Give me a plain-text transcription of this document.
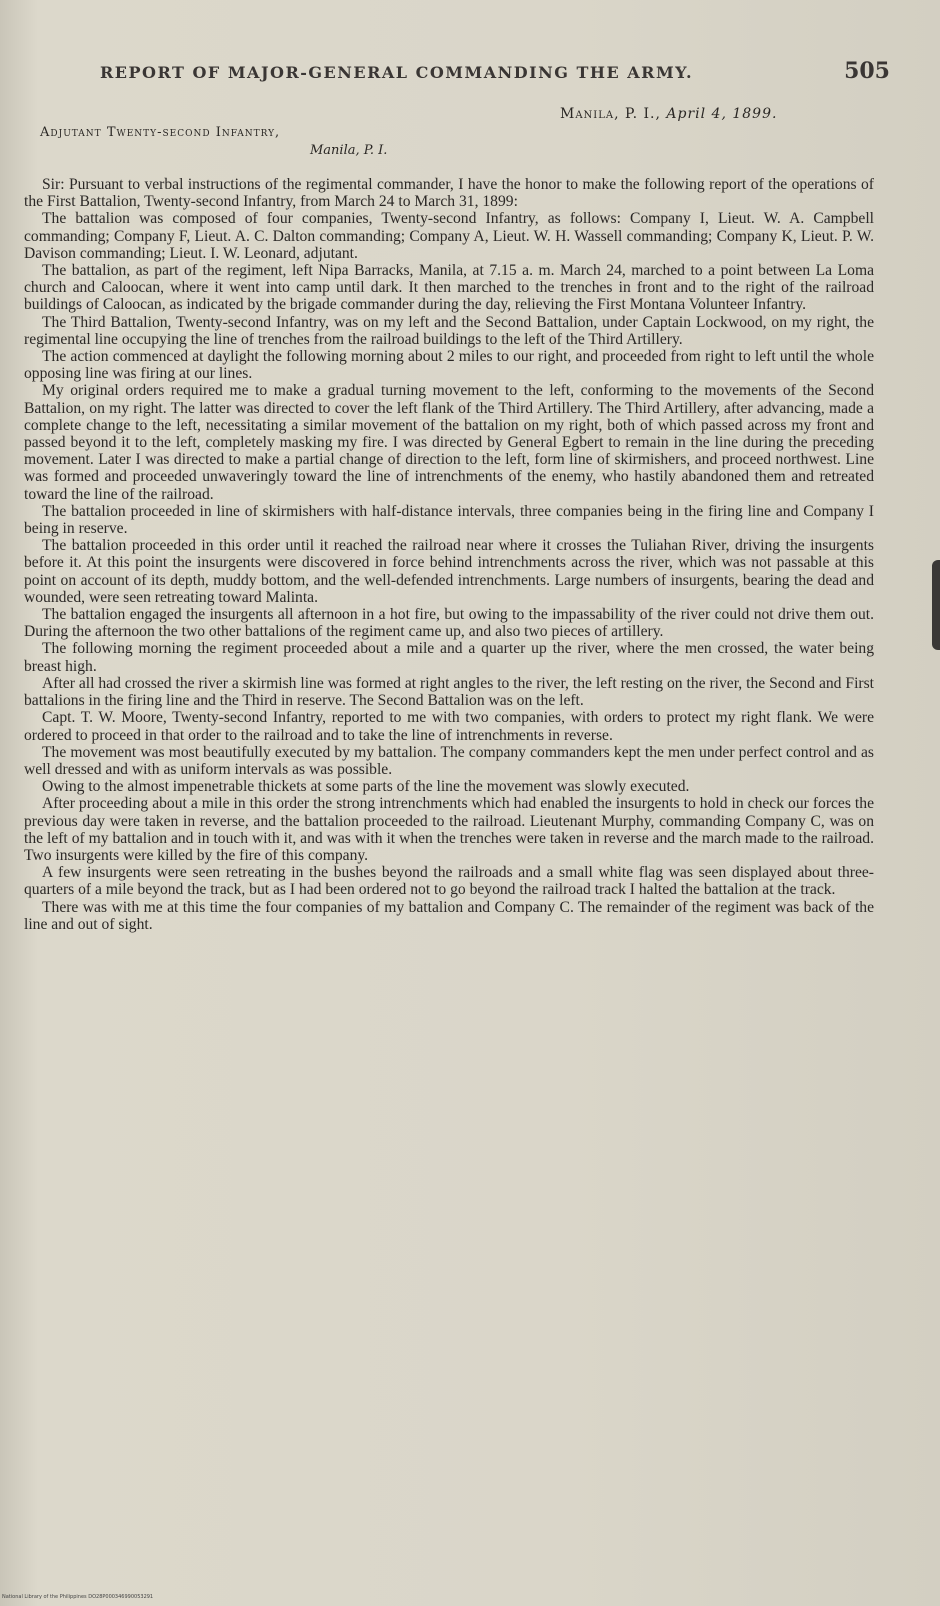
REPORT OF MAJOR-GENERAL COMMANDING THE ARMY.	505
Manila, P. I., April 4, 1899.
Adjutant Twenty-second Infantry,
Manila, P. I.

Sir: Pursuant to verbal instructions of the regimental commander, I have the honor to make the following report of the operations of the First Battalion, Twenty-second Infantry, from March 24 to March 31, 1899:

The battalion was composed of four companies, Twenty-second Infantry, as follows: Company I, Lieut. W. A. Campbell commanding; Company F, Lieut. A. C. Dalton commanding; Company A, Lieut. W. H. Wassell commanding; Company K, Lieut. P. W. Davison commanding; Lieut. I. W. Leonard, adjutant.

The battalion, as part of the regiment, left Nipa Barracks, Manila, at 7.15 a. m. March 24, marched to a point between La Loma church and Caloocan, where it went into camp until dark. It then marched to the trenches in front and to the right of the railroad buildings of Caloocan, as indicated by the brigade commander during the day, relieving the First Montana Volunteer Infantry.

The Third Battalion, Twenty-second Infantry, was on my left and the Second Battalion, under Captain Lockwood, on my right, the regimental line occupying the line of trenches from the railroad buildings to the left of the Third Artillery.

The action commenced at daylight the following morning about 2 miles to our right, and proceeded from right to left until the whole opposing line was firing at our lines.

My original orders required me to make a gradual turning movement to the left, conforming to the movements of the Second Battalion, on my right. The latter was directed to cover the left flank of the Third Artillery. The Third Artillery, after advancing, made a complete change to the left, necessitating a similar movement of the battalion on my right, both of which passed across my front and passed beyond it to the left, completely masking my fire. I was directed by General Egbert to remain in the line during the preceding movement. Later I was directed to make a partial change of direction to the left, form line of skirmishers, and proceed northwest. Line was formed and proceeded unwaveringly toward the line of intrenchments of the enemy, who hastily abandoned them and retreated toward the line of the railroad.

The battalion proceeded in line of skirmishers with half-distance intervals, three companies being in the firing line and Company I being in reserve.

The battalion proceeded in this order until it reached the railroad near where it crosses the Tuliahan River, driving the insurgents before it. At this point the insurgents were discovered in force behind intrenchments across the river, which was not passable at this point on account of its depth, muddy bottom, and the well-defended intrenchments. Large numbers of insurgents, bearing the dead and wounded, were seen retreating toward Malinta.

The battalion engaged the insurgents all afternoon in a hot fire, but owing to the impassability of the river could not drive them out. During the afternoon the two other battalions of the regiment came up, and also two pieces of artillery.

The following morning the regiment proceeded about a mile and a quarter up the river, where the men crossed, the water being breast high.

After all had crossed the river a skirmish line was formed at right angles to the river, the left resting on the river, the Second and First battalions in the firing line and the Third in reserve. The Second Battalion was on the left.

Capt. T. W. Moore, Twenty-second Infantry, reported to me with two companies, with orders to protect my right flank. We were ordered to proceed in that order to the railroad and to take the line of intrenchments in reverse.

The movement was most beautifully executed by my battalion. The company commanders kept the men under perfect control and as well dressed and with as uniform intervals as was possible.

Owing to the almost impenetrable thickets at some parts of the line the movement was slowly executed.

After proceeding about a mile in this order the strong intrenchments which had enabled the insurgents to hold in check our forces the previous day were taken in reverse, and the battalion proceeded to the railroad. Lieutenant Murphy, commanding Company C, was on the left of my battalion and in touch with it, and was with it when the trenches were taken in reverse and the march made to the railroad. Two insurgents were killed by the fire of this company.

A few insurgents were seen retreating in the bushes beyond the railroads and a small white flag was seen displayed about three-quarters of a mile beyond the track, but as I had been ordered not to go beyond the railroad track I halted the battalion at the track.

There was with me at this time the four companies of my battalion and Company C. The remainder of the regiment was back of the line and out of sight.

National Library of the Philippines DO28P000346990053291
